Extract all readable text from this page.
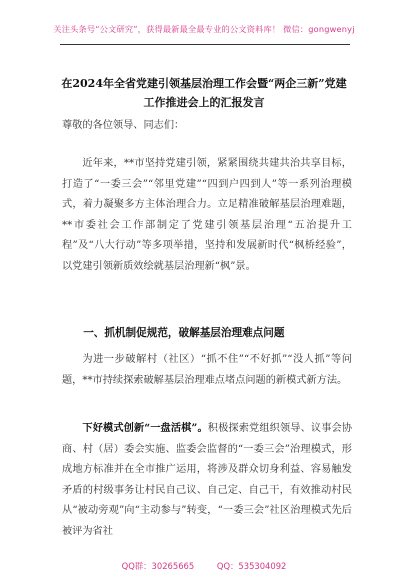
关注头条号“公文研究”，获得最新最全最专业的公文资料库！ 微信：gongwenyj
在2024年全省党建引领基层治理工作会暨“两企三新”党建工作推进会上的汇报发言
尊敬的各位领导、同志们：
近年来，**市坚持党建引领，紧紧围绕共建共治共享目标，打造了“一委三会”“邻里党建”“四到户四到人”等一系列治理模式，着力凝聚多方主体治理合力。立足精准破解基层治理难题，**市委社会工作部制定了党建引领基层治理“五治提升工程”及“八大行动”等多项举措，坚持和发展新时代“枫桥经验”，以党建引领新质效绘就基层治理新“枫”景。
一、抓机制促规范，破解基层治理难点问题
为进一步破解村（社区）“抓不住”“不好抓”“没人抓”等问题，**市持续探索破解基层治理难点堵点问题的新模式新方法。
下好模式创新“一盘活棋”。积极探索党组织领导、议事会协商、村（居）委会实施、监委会监督的“一委三会”治理模式，形成地方标准并在全市推广运用，将涉及群众切身利益、容易触发矛盾的村级事务让村民自己议、自己定、自己干，有效推动村民从“被动旁观”向“主动参与”转变，“一委三会”社区治理模式先后被评为省社
QQ群：30265665	QQ：535304092
